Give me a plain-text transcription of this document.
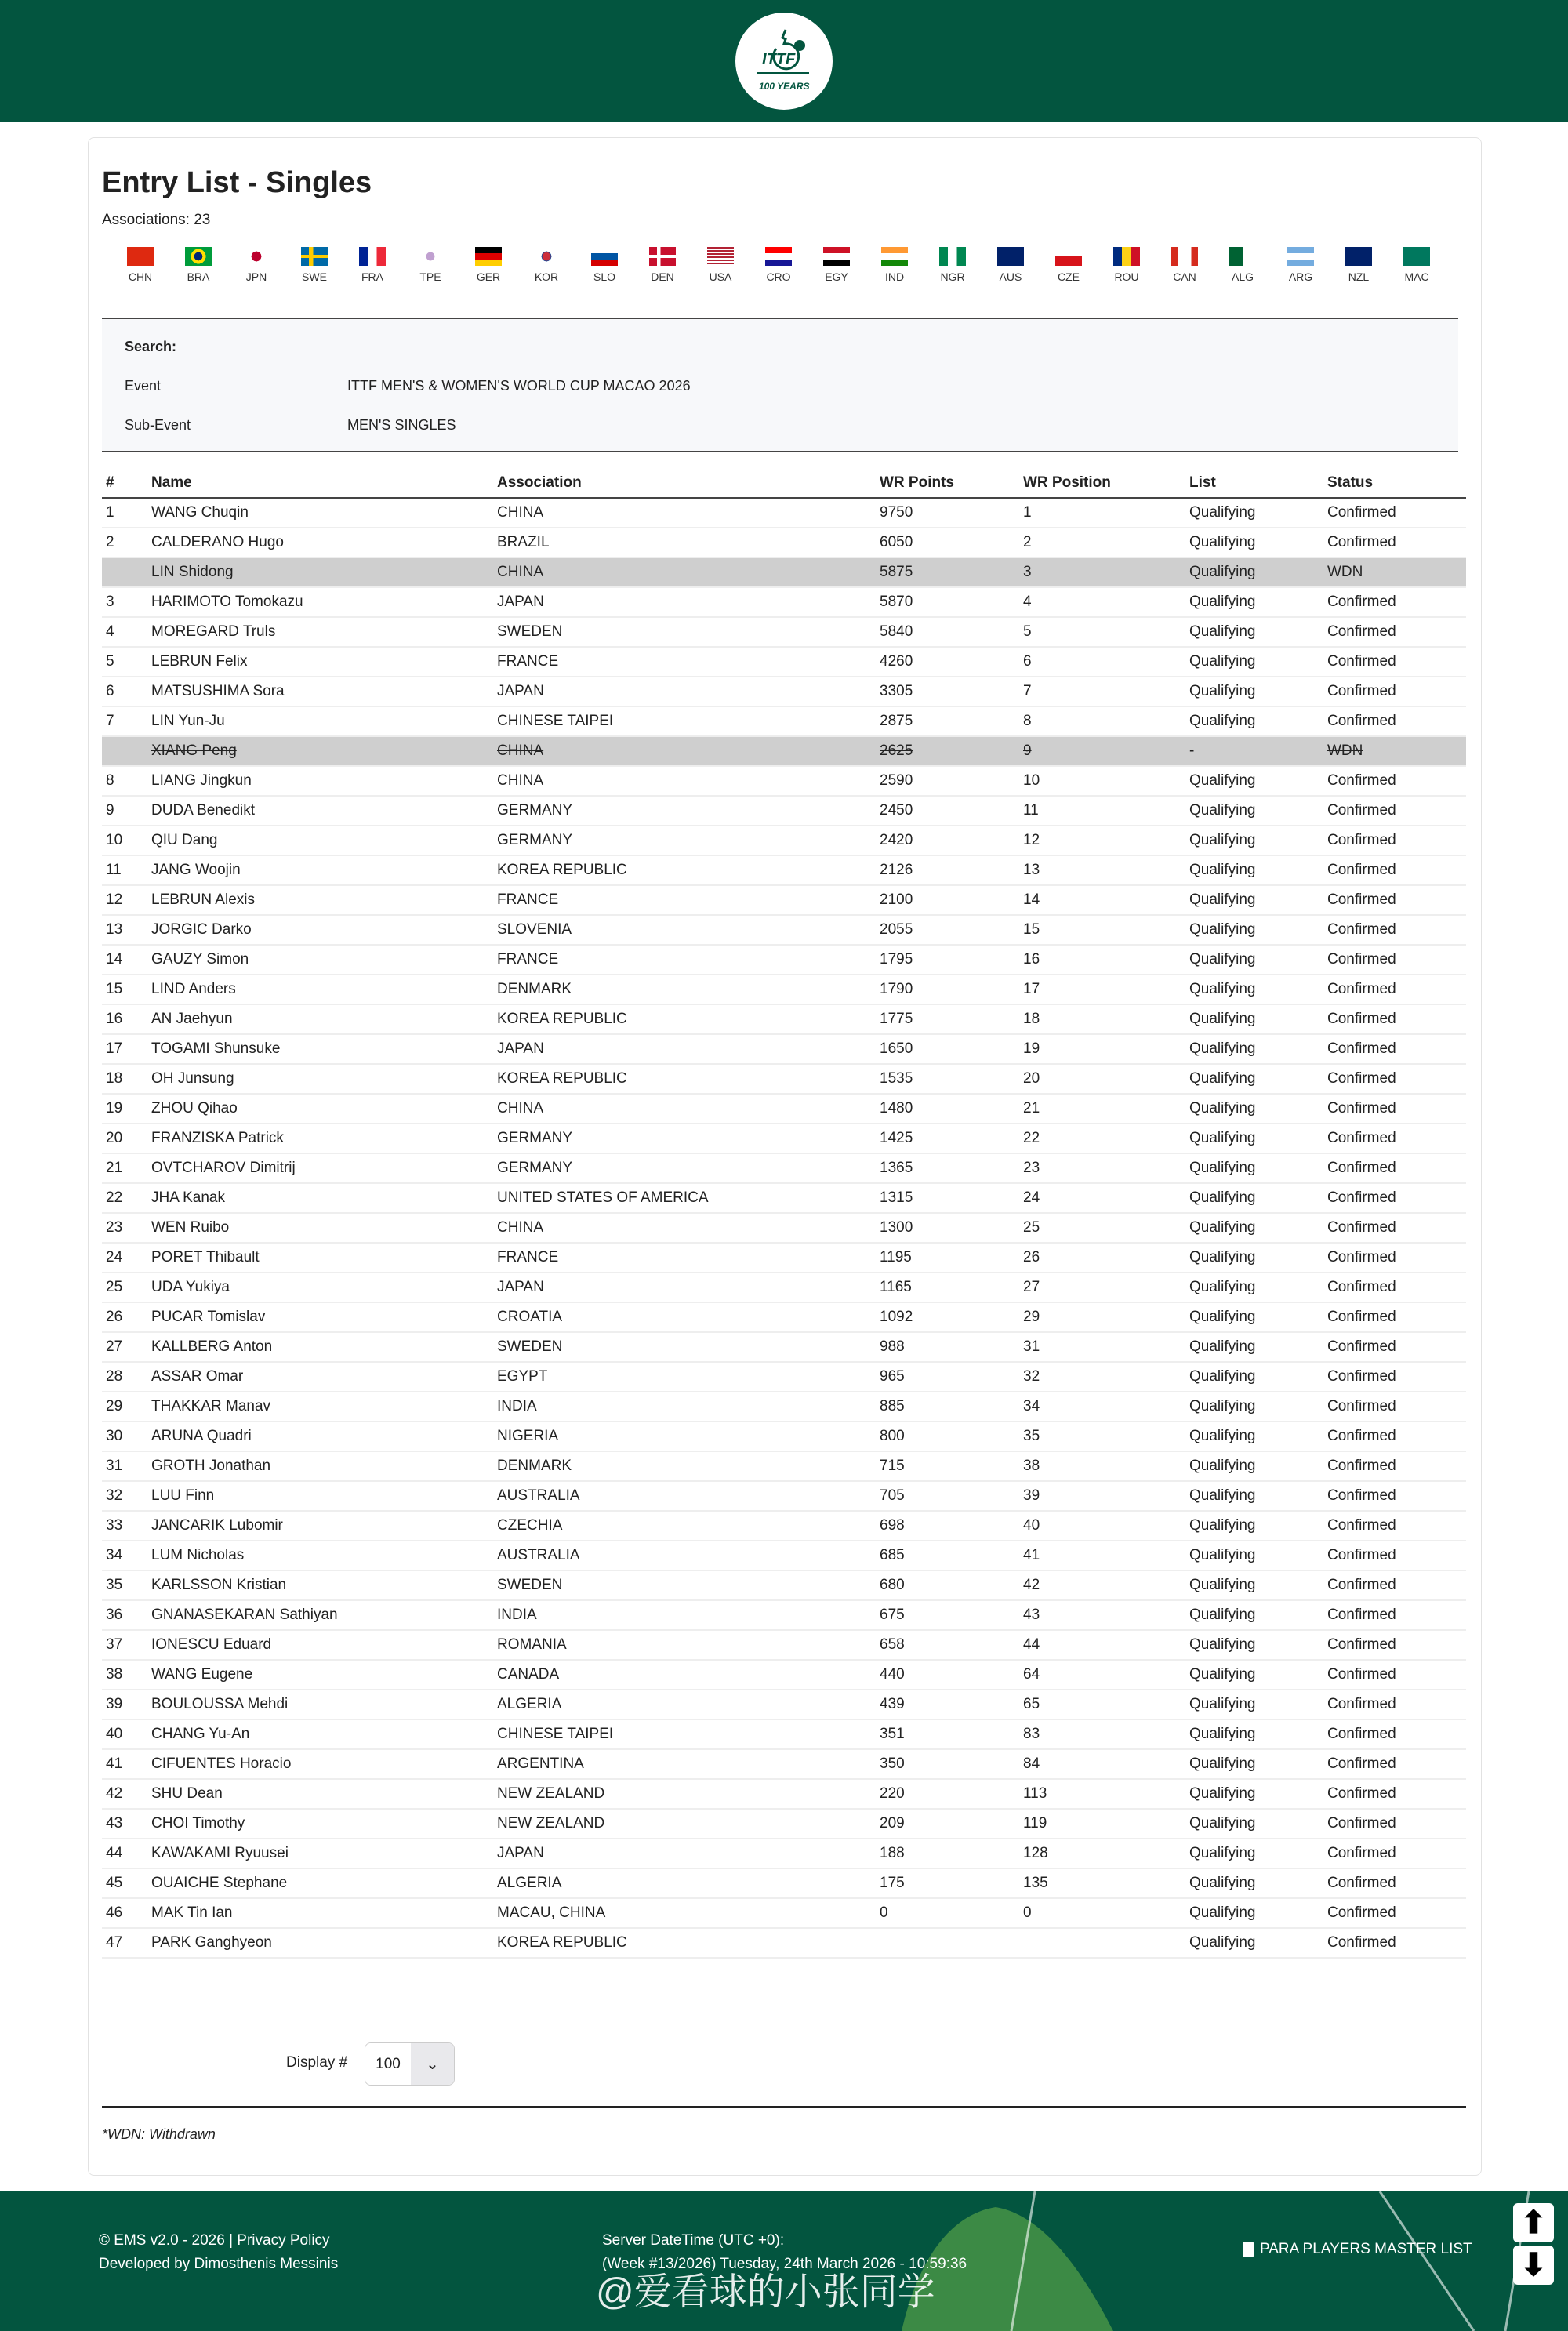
ITTF
100 YEARS
Entry List - Singles
Associations: 23
CHN	BRA	JPN	SWE	FRA	TPE	GER	KOR	SLO	DEN	USA	CRO	EGY	IND	NGR	AUS	CZE	ROU	CAN	ALG	ARG	NZL	MAC
Search:
Event	ITTF MEN'S & WOMEN'S WORLD CUP MACAO 2026
Sub-Event	MEN'S SINGLES
#	Name	Association	WR Points	WR Position	List	Status
1	WANG Chuqin	CHINA	9750	1	Qualifying	Confirmed
2	CALDERANO Hugo	BRAZIL	6050	2	Qualifying	Confirmed
	LIN Shidong	CHINA	5875	3	Qualifying	WDN
3	HARIMOTO Tomokazu	JAPAN	5870	4	Qualifying	Confirmed
4	MOREGARD Truls	SWEDEN	5840	5	Qualifying	Confirmed
5	LEBRUN Felix	FRANCE	4260	6	Qualifying	Confirmed
6	MATSUSHIMA Sora	JAPAN	3305	7	Qualifying	Confirmed
7	LIN Yun-Ju	CHINESE TAIPEI	2875	8	Qualifying	Confirmed
	XIANG Peng	CHINA	2625	9	-	WDN
8	LIANG Jingkun	CHINA	2590	10	Qualifying	Confirmed
9	DUDA Benedikt	GERMANY	2450	11	Qualifying	Confirmed
10	QIU Dang	GERMANY	2420	12	Qualifying	Confirmed
11	JANG Woojin	KOREA REPUBLIC	2126	13	Qualifying	Confirmed
12	LEBRUN Alexis	FRANCE	2100	14	Qualifying	Confirmed
13	JORGIC Darko	SLOVENIA	2055	15	Qualifying	Confirmed
14	GAUZY Simon	FRANCE	1795	16	Qualifying	Confirmed
15	LIND Anders	DENMARK	1790	17	Qualifying	Confirmed
16	AN Jaehyun	KOREA REPUBLIC	1775	18	Qualifying	Confirmed
17	TOGAMI Shunsuke	JAPAN	1650	19	Qualifying	Confirmed
18	OH Junsung	KOREA REPUBLIC	1535	20	Qualifying	Confirmed
19	ZHOU Qihao	CHINA	1480	21	Qualifying	Confirmed
20	FRANZISKA Patrick	GERMANY	1425	22	Qualifying	Confirmed
21	OVTCHAROV Dimitrij	GERMANY	1365	23	Qualifying	Confirmed
22	JHA Kanak	UNITED STATES OF AMERICA	1315	24	Qualifying	Confirmed
23	WEN Ruibo	CHINA	1300	25	Qualifying	Confirmed
24	PORET Thibault	FRANCE	1195	26	Qualifying	Confirmed
25	UDA Yukiya	JAPAN	1165	27	Qualifying	Confirmed
26	PUCAR Tomislav	CROATIA	1092	29	Qualifying	Confirmed
27	KALLBERG Anton	SWEDEN	988	31	Qualifying	Confirmed
28	ASSAR Omar	EGYPT	965	32	Qualifying	Confirmed
29	THAKKAR Manav	INDIA	885	34	Qualifying	Confirmed
30	ARUNA Quadri	NIGERIA	800	35	Qualifying	Confirmed
31	GROTH Jonathan	DENMARK	715	38	Qualifying	Confirmed
32	LUU Finn	AUSTRALIA	705	39	Qualifying	Confirmed
33	JANCARIK Lubomir	CZECHIA	698	40	Qualifying	Confirmed
34	LUM Nicholas	AUSTRALIA	685	41	Qualifying	Confirmed
35	KARLSSON Kristian	SWEDEN	680	42	Qualifying	Confirmed
36	GNANASEKARAN Sathiyan	INDIA	675	43	Qualifying	Confirmed
37	IONESCU Eduard	ROMANIA	658	44	Qualifying	Confirmed
38	WANG Eugene	CANADA	440	64	Qualifying	Confirmed
39	BOULOUSSA Mehdi	ALGERIA	439	65	Qualifying	Confirmed
40	CHANG Yu-An	CHINESE TAIPEI	351	83	Qualifying	Confirmed
41	CIFUENTES Horacio	ARGENTINA	350	84	Qualifying	Confirmed
42	SHU Dean	NEW ZEALAND	220	113	Qualifying	Confirmed
43	CHOI Timothy	NEW ZEALAND	209	119	Qualifying	Confirmed
44	KAWAKAMI Ryuusei	JAPAN	188	128	Qualifying	Confirmed
45	OUAICHE Stephane	ALGERIA	175	135	Qualifying	Confirmed
46	MAK Tin Ian	MACAU, CHINA	0	0	Qualifying	Confirmed
47	PARK Ganghyeon	KOREA REPUBLIC			Qualifying	Confirmed
Display #	100	⌄
*WDN: Withdrawn
© EMS v2.0 - 2026 | Privacy Policy
Developed by Dimosthenis Messinis
Server DateTime (UTC +0):
(Week #13/2026) Tuesday, 24th March 2026 - 10:59:36
PARA PLAYERS MASTER LIST
⬆
⬇
@爱看球的小张同学
